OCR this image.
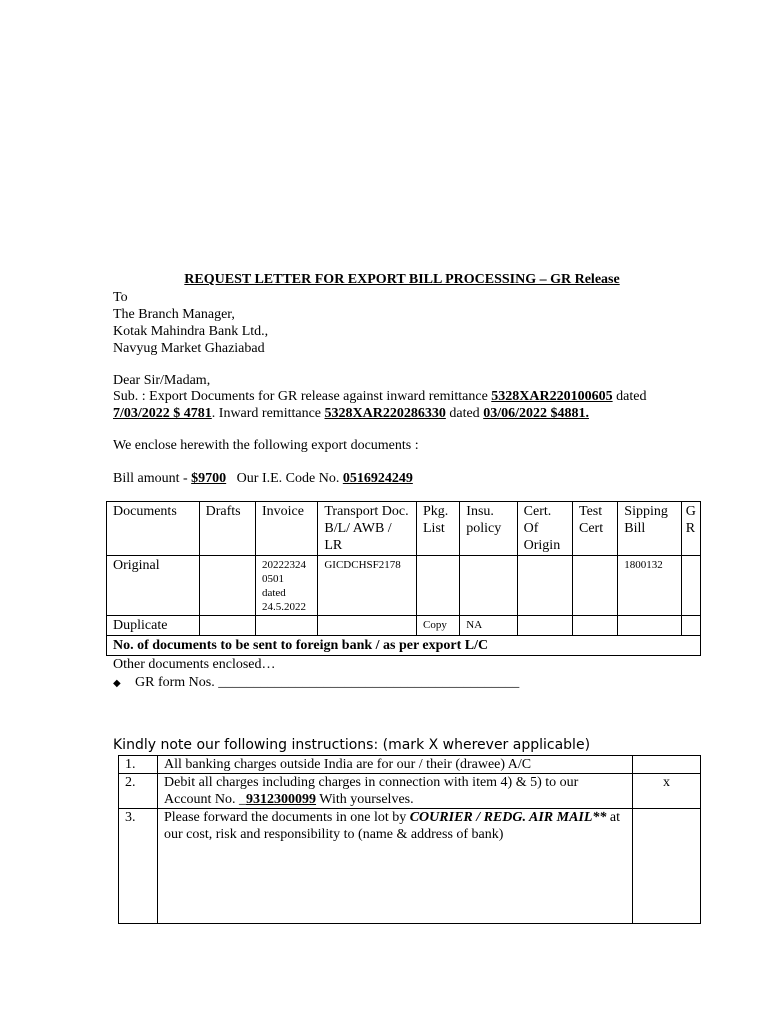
REQUEST LETTER FOR EXPORT BILL PROCESSING – GR Release
To
The Branch Manager,
Kotak Mahindra Bank Ltd.,
Navyug Market Ghaziabad
Dear Sir/Madam,
Sub. : Export Documents for GR release against inward remittance 5328XAR220100605 dated
7/03/2022 $ 4781. Inward remittance 5328XAR220286330 dated 03/06/2022 $4881.
We enclose herewith the following export documents :
Bill amount - $9700   Our I.E. Code No. 0516924249
Documents	Drafts	Invoice	Transport Doc. B/L/ AWB / LR	Pkg. List	Insu. policy	Cert. Of Origin	Test Cert	Sipping Bill	G R
Original		20222324
0501
dated
24.5.2022	GICDCHSF2178					1800132	
Duplicate				Copy	NA				
No. of documents to be sent to foreign bank / as per export L/C									
Other documents enclosed…
◆ GR form Nos. ___________________________________________
Kindly note our following instructions: (mark X wherever applicable)
1.	All banking charges outside India are for our / their (drawee) A/C	
2.	Debit all charges including charges in connection with item 4) & 5) to our Account No. _9312300099 With yourselves.	x
3.	Please forward the documents in one lot by COURIER / REDG. AIR MAIL** at our cost, risk and responsibility to (name & address of bank)	
